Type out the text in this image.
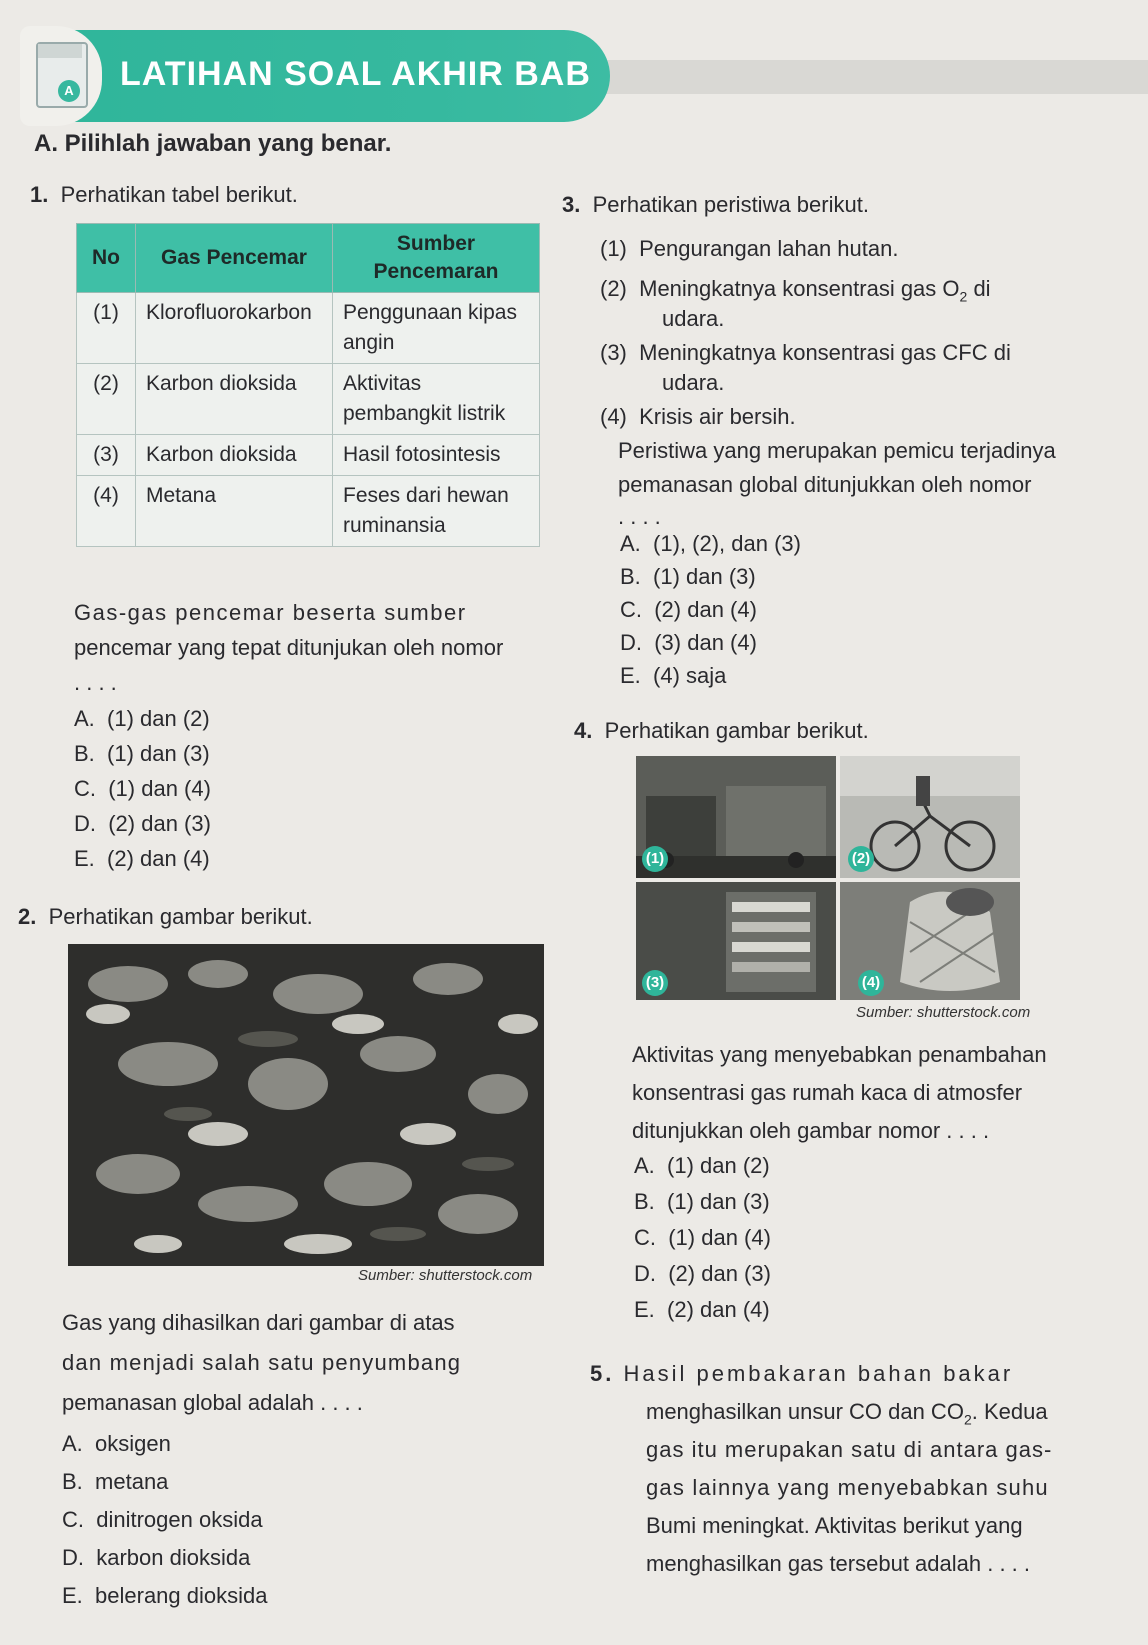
A LATIHAN SOAL AKHIR BAB
A. Pilihlah jawaban yang benar.
1. Perhatikan tabel berikut.
No	Gas Pencemar	Sumber Pencemaran
(1)	Klorofluorokarbon	Penggunaan kipas angin
(2)	Karbon dioksida	Aktivitas pembangkit listrik
(3)	Karbon dioksida	Hasil fotosintesis
(4)	Metana	Feses dari hewan ruminansia
Gas-gas pencemar beserta sumber
pencemar yang tepat ditunjukan oleh nomor
. . . .
A. (1) dan (2)
B. (1) dan (3)
C. (1) dan (4)
D. (2) dan (3)
E. (2) dan (4)
2. Perhatikan gambar berikut.
Sumber: shutterstock.com
Gas yang dihasilkan dari gambar di atas
dan menjadi salah satu penyumbang
pemanasan global adalah . . . .
A. oksigen
B. metana
C. dinitrogen oksida
D. karbon dioksida
E. belerang dioksida
3. Perhatikan peristiwa berikut.
(1) Pengurangan lahan hutan.
(2) Meningkatnya konsentrasi gas $O_2$ di
udara.
(3) Meningkatnya konsentrasi gas CFC di
udara.
(4) Krisis air bersih.
Peristiwa yang merupakan pemicu terjadinya
pemanasan global ditunjukkan oleh nomor
. . . .
A. (1), (2), dan (3)
B. (1) dan (3)
C. (2) dan (4)
D. (3) dan (4)
E. (4) saja
4. Perhatikan gambar berikut.
(1)	(2)
(3)	(4)
Sumber: shutterstock.com
Aktivitas yang menyebabkan penambahan
konsentrasi gas rumah kaca di atmosfer
ditunjukkan oleh gambar nomor . . . .
A. (1) dan (2)
B. (1) dan (3)
C. (1) dan (4)
D. (2) dan (3)
E. (2) dan (4)
5. Hasil pembakaran bahan bakar
menghasilkan unsur CO dan $CO_2$. Kedua
gas itu merupakan satu di antara gas-
gas lainnya yang menyebabkan suhu
Bumi meningkat. Aktivitas berikut yang
menghasilkan gas tersebut adalah . . . .
